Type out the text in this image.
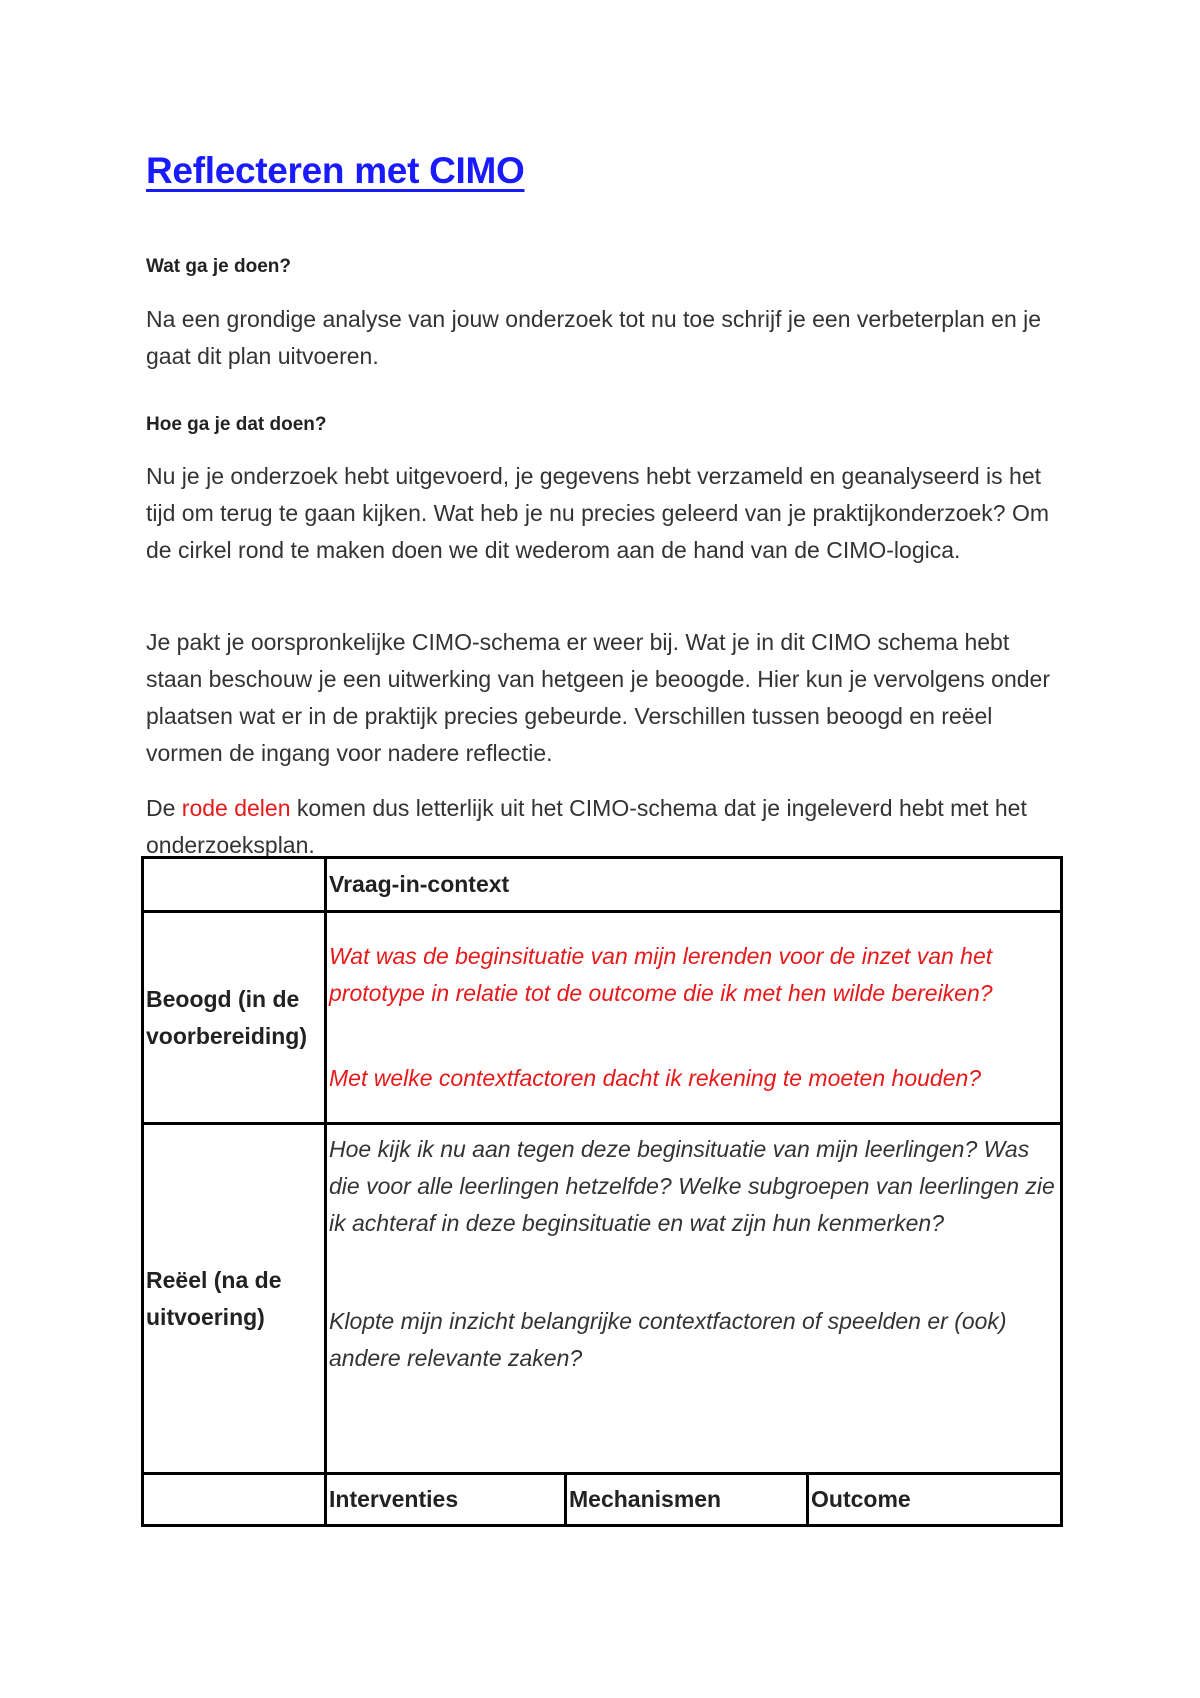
Reflecteren met CIMO

Wat ga je doen?

Na een grondige analyse van jouw onderzoek tot nu toe schrijf je een verbeterplan en je gaat dit plan uitvoeren.

Hoe ga je dat doen?

Nu je je onderzoek hebt uitgevoerd, je gegevens hebt verzameld en geanalyseerd is het tijd om terug te gaan kijken. Wat heb je nu precies geleerd van je praktijkonderzoek? Om de cirkel rond te maken doen we dit wederom aan de hand van de CIMO-logica.

Je pakt je oorspronkelijke CIMO-schema er weer bij. Wat je in dit CIMO schema hebt staan beschouw je een uitwerking van hetgeen je beoogde. Hier kun je vervolgens onder plaatsen wat er in de praktijk precies gebeurde. Verschillen tussen beoogd en reëel vormen de ingang voor nadere reflectie.

De rode delen komen dus letterlijk uit het CIMO-schema dat je ingeleverd hebt met het onderzoeksplan.

	Vraag-in-context		
Beoogd (in de voorbereiding)	Wat was de beginsituatie van mijn lerenden voor de inzet van het prototype in relatie tot de outcome die ik met hen wilde bereiken?

Met welke contextfactoren dacht ik rekening te moeten houden?		

Reëel (na de uitvoering)	Hoe kijk ik nu aan tegen deze beginsituatie van mijn leerlingen? Was die voor alle leerlingen hetzelfde? Welke subgroepen van leerlingen zie ik achteraf in deze beginsituatie en wat zijn hun kenmerken?

Klopte mijn inzicht belangrijke contextfactoren of speelden er (ook) andere relevante zaken?		

	Interventies	Mechanismen	Outcome
